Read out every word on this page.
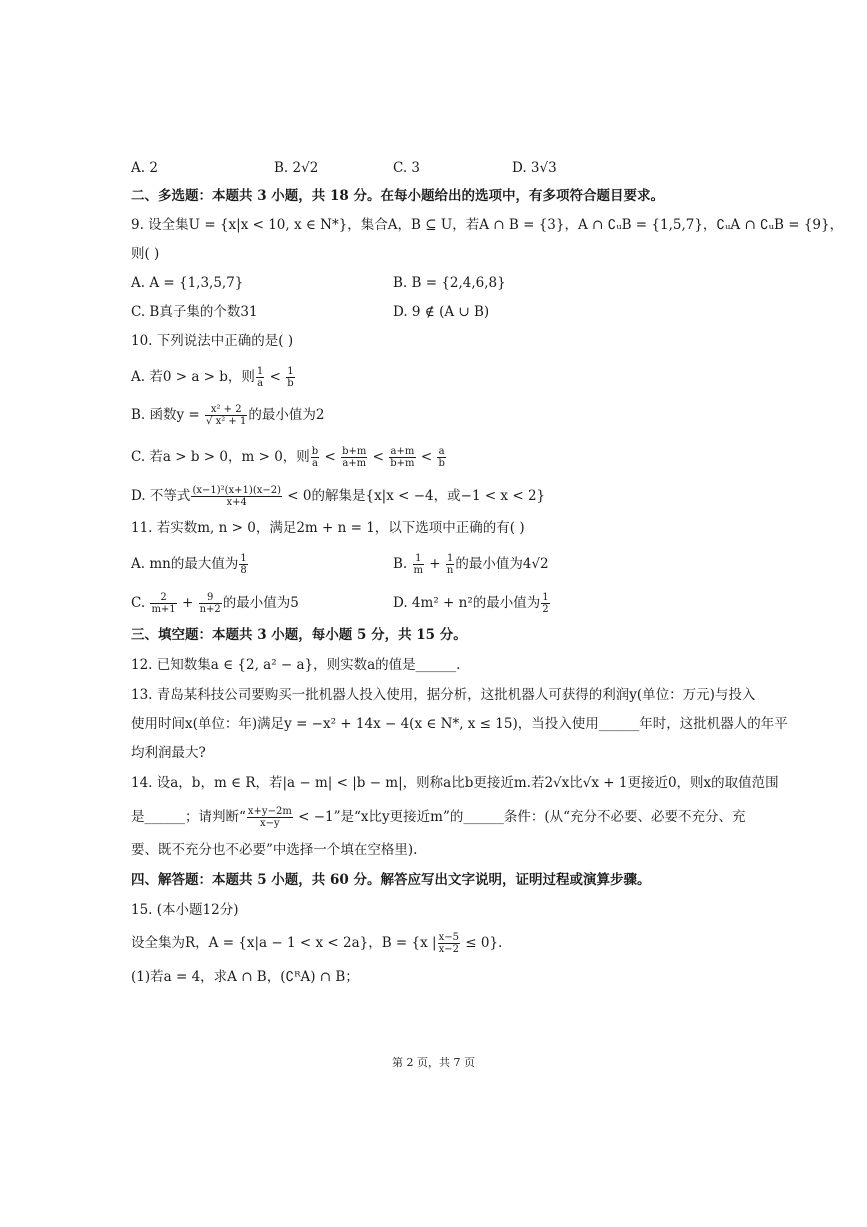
A. 2	B. 2√2	C. 3	D. 3√3
二、多选题：本题共 3 小题，共 18 分。在每小题给出的选项中，有多项符合题目要求。
9. 设全集U = {x|x < 10, x ∈ N*}，集合A，B ⊆ U，若A ∩ B = {3}，A ∩ ∁ᵤB = {1,5,7}，∁ᵤA ∩ ∁ᵤB = {9}，
则( )
A. A = {1,3,5,7}	B. B = {2,4,6,8}
C. B真子集的个数31	D. 9 ∉ (A ∪ B)
10. 下列说法中正确的是( )
A. 若0 > a > b，则 $\frac{1}{a} < \frac{1}{b}$
B. 函数$y = \frac{\text{x² + 2}}{\text{√ x² + 1}}$ 的最小值为2
C. 若a > b > 0，m > 0，则 $\frac{b}{a} < \frac{b+m}{a+m} < \frac{a+m}{b+m} < \frac{a}{b}$
D. 不等式 $\frac{\text{(x−1)²(x+1)(x−2)}}{x+4} < 0$的解集是{x|x < −4，或−1 < x < 2}
11. 若实数m, n > 0，满足2m + n = 1，以下选项中正确的有( )
A. mn的最大值为 $\frac{1}{8}$	B. $\frac{1}{m} + \frac{1}{n}$ 的最小值为4√2
C. $\frac{2}{m+1} + \frac{9}{n+2}$ 的最小值为5	D. 4m² + n²的最小值为 $\frac{1}{2}$
三、填空题：本题共 3 小题，每小题 5 分，共 15 分。
12. 已知数集a ∈ {2, a² − a}，则实数a的值是______.
13. 青岛某科技公司要购买一批机器人投入使用，据分析，这批机器人可获得的利润y(单位：万元)与投入
使用时间x(单位：年)满足y = −x² + 14x − 4(x ∈ N*, x ≤ 15)，当投入使用______年时，这批机器人的年平
均利润最大?
14. 设a，b，m ∈ R，若|a − m| < |b − m|，则称a比b更接近m.若2√x比√x + 1更接近0，则x的取值范围
是______；请判断“ $\frac{x+y-2m}{x-y} < -1$”是“x比y更接近m”的______条件：(从“充分不必要、必要不充分、充
要、既不充分也不必要”中选择一个填在空格里).
四、解答题：本题共 5 小题，共 60 分。解答应写出文字说明，证明过程或演算步骤。
15. (本小题12分)
设全集为R，A = {x|a − 1 < x < 2a}，B = {x | $\frac{x-5}{x-2} \le 0$}.
(1)若a = 4，求A ∩ B，(∁ᴿA) ∩ B；
第 2 页，共 7 页
